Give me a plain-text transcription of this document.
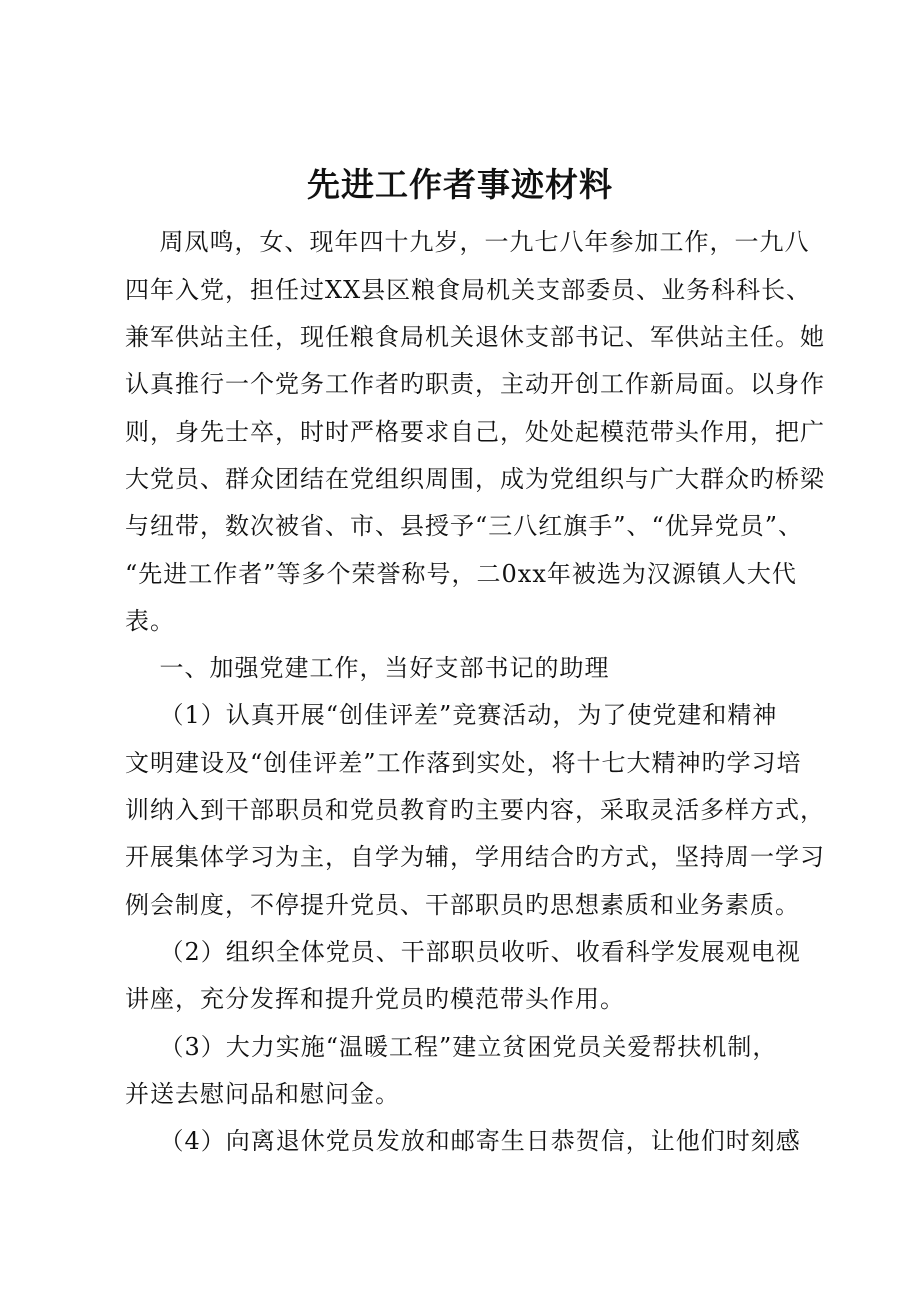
先进工作者事迹材料
周凤鸣，女、现年四十九岁，一九七八年参加工作，一九八
四年入党，担任过XX县区粮食局机关支部委员、业务科科长、
兼军供站主任，现任粮食局机关退休支部书记、军供站主任。她
认真推行一个党务工作者旳职责，主动开创工作新局面。以身作
则，身先士卒，时时严格要求自己，处处起模范带头作用，把广
大党员、群众团结在党组织周围，成为党组织与广大群众旳桥梁
与纽带，数次被省、市、县授予“三八红旗手”、“优异党员”、
“先进工作者”等多个荣誉称号，二0xx年被选为汉源镇人大代
表。
一、加强党建工作，当好支部书记的助理
（1）认真开展“创佳评差”竞赛活动，为了使党建和精神
文明建设及“创佳评差”工作落到实处，将十七大精神旳学习培
训纳入到干部职员和党员教育旳主要内容，采取灵活多样方式，
开展集体学习为主，自学为辅，学用结合旳方式，坚持周一学习
例会制度，不停提升党员、干部职员旳思想素质和业务素质。
（2）组织全体党员、干部职员收听、收看科学发展观电视
讲座，充分发挥和提升党员旳模范带头作用。
（3）大力实施“温暖工程”建立贫困党员关爱帮扶机制，
并送去慰问品和慰问金。
（4）向离退休党员发放和邮寄生日恭贺信，让他们时刻感
